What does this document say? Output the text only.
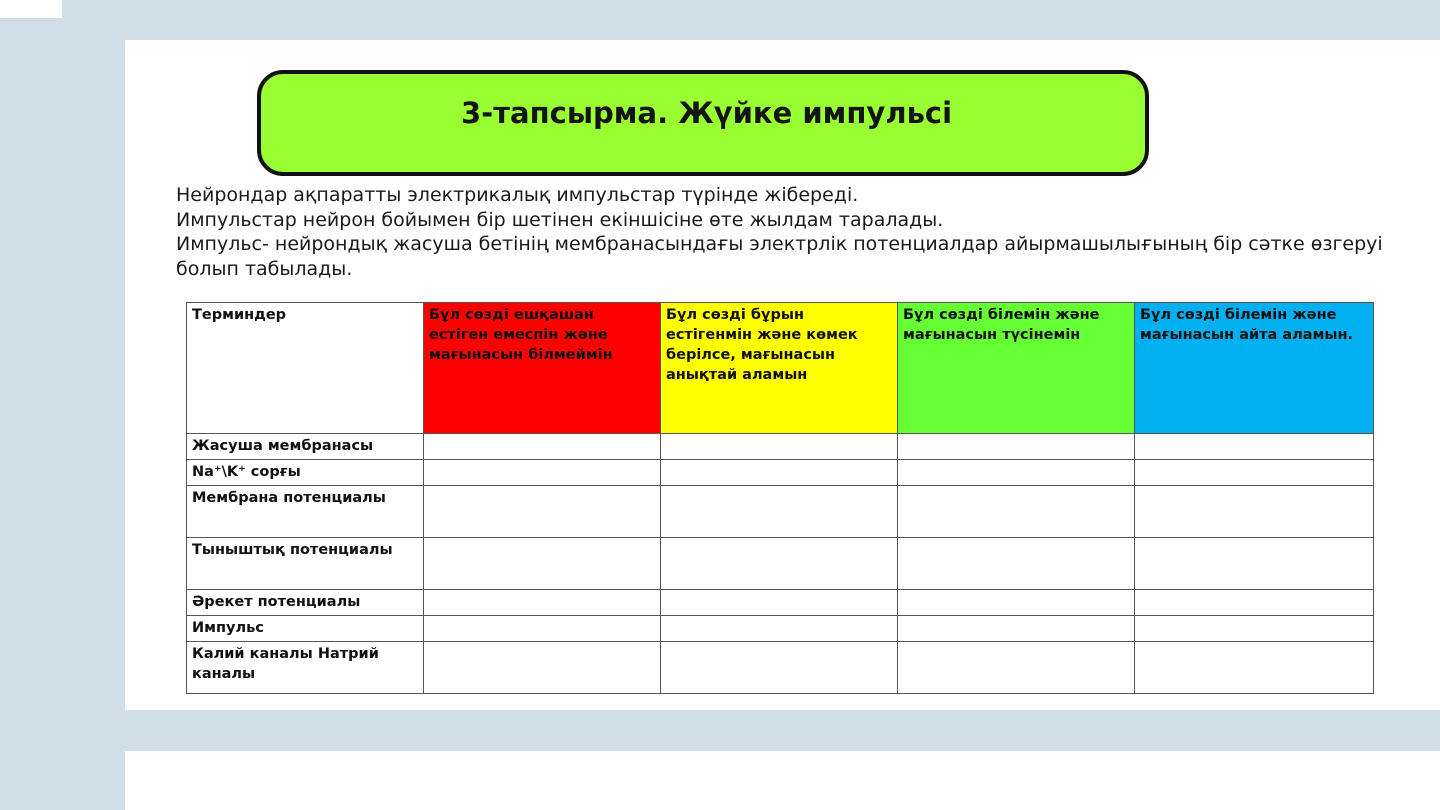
3-тапсырма. Жүйке импульсі

Нейрондар ақпаратты электрикалық импульстар түрінде жібереді.

Импульстар нейрон бойымен бір шетінен екіншісіне өте жылдам таралады.

Импульс- нейрондық жасуша бетінің мембранасындағы электрлік потенциалдар айырмашылығының бір сәтке өзгеруі болып табылады.

Терминдер	Бұл сөзді ешқашан естіген емеспін және мағынасын білмеймін	Бұл сөзді бұрын естігенмін және көмек берілсе, мағынасын анықтай аламын	Бұл сөзді білемін және мағынасын түсінемін	Бұл сөзді білемін және мағынасын айта аламын.
Жасуша мембранасы				
Na⁺\K⁺ сорғы				
Мембрана потенциалы				
Тыныштық потенциалы				
Әрекет потенциалы				
Импульс				
Калий каналы Натрий каналы				
